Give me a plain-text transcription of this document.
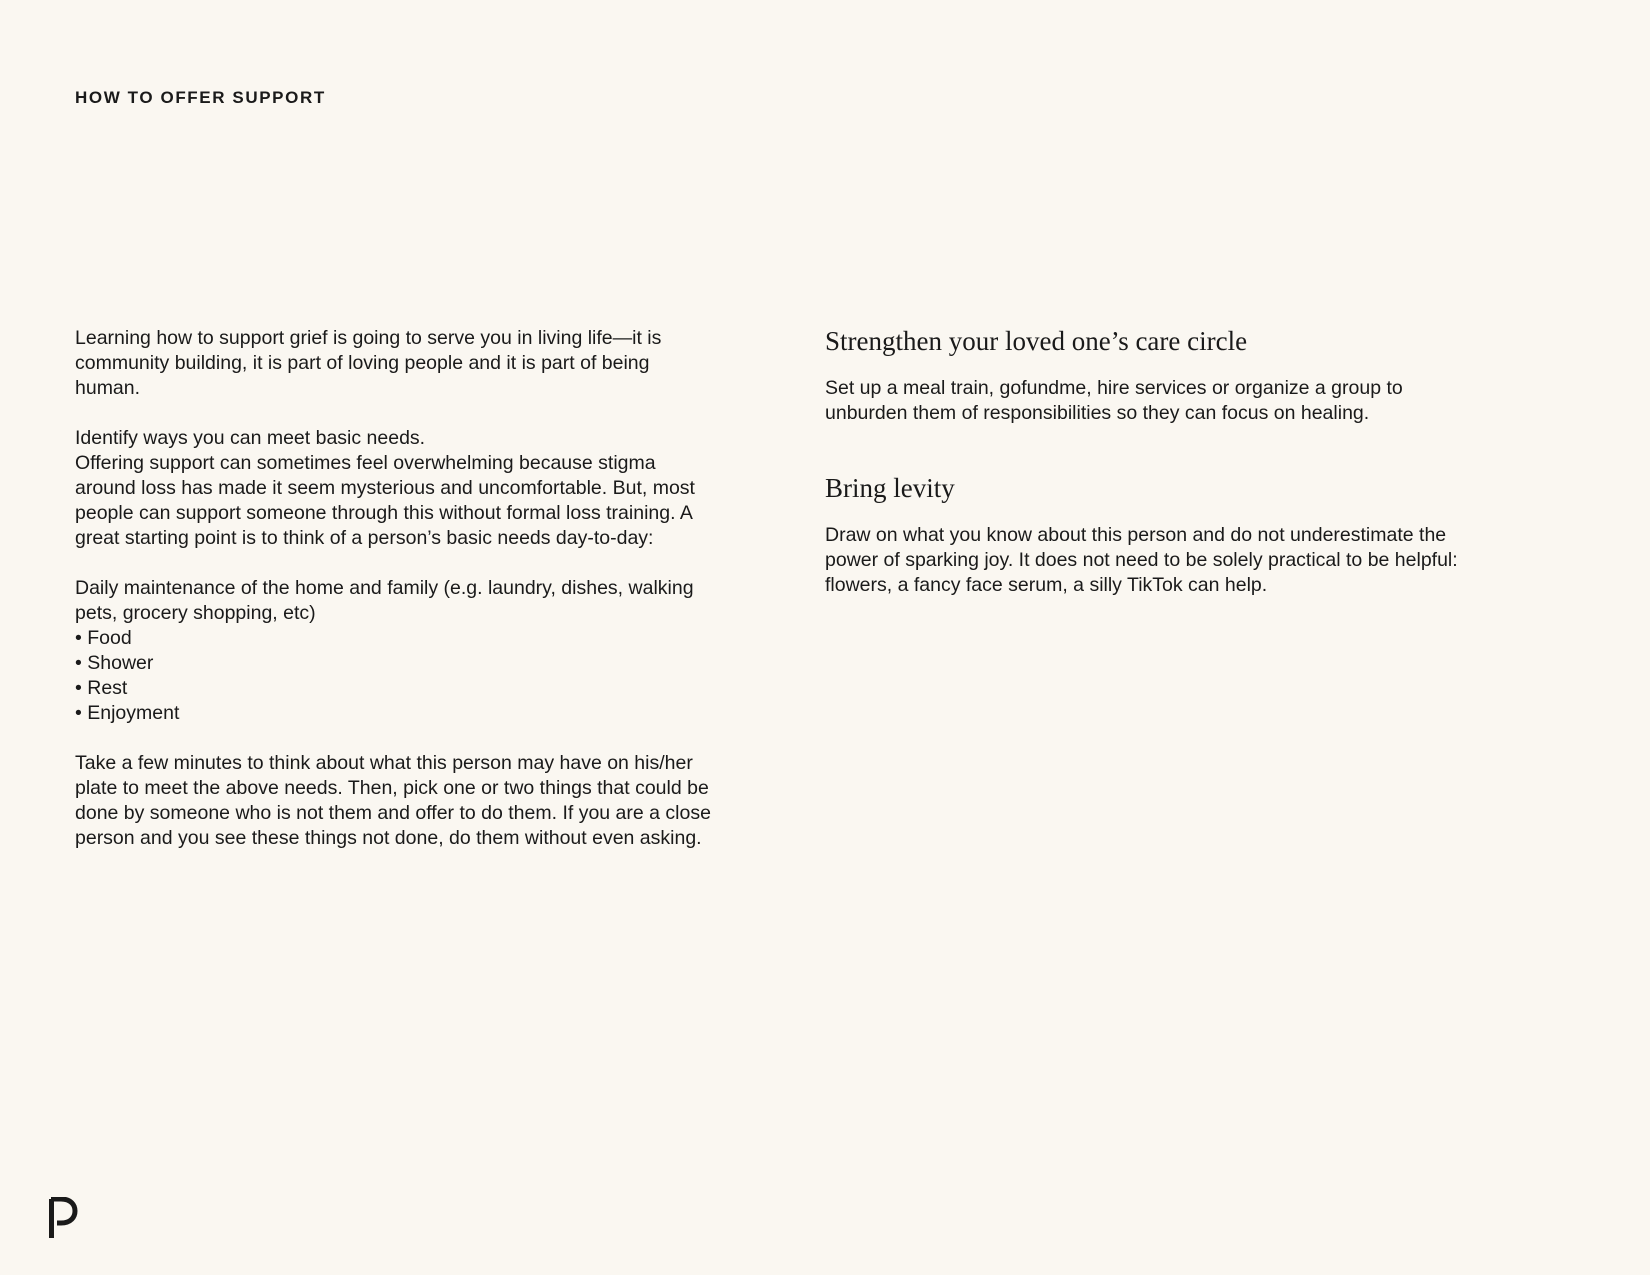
HOW TO OFFER SUPPORT

Learning how to support grief is going to serve you in living life—it is community building, it is part of loving people and it is part of being human.

Identify ways you can meet basic needs.

Offering support can sometimes feel overwhelming because stigma around loss has made it seem mysterious and uncomfortable. But, most people can support someone through this without formal loss training. A great starting point is to think of a person’s basic needs day-to-day:

Daily maintenance of the home and family (e.g. laundry, dishes, walking pets, grocery shopping, etc)

• Food
• Shower
• Rest
• Enjoyment

Take a few minutes to think about what this person may have on his/her plate to meet the above needs. Then, pick one or two things that could be done by someone who is not them and offer to do them. If you are a close person and you see these things not done, do them without even asking.

Strengthen your loved one’s care circle

Set up a meal train, gofundme, hire services or organize a group to unburden them of responsibilities so they can focus on healing.

Bring levity

Draw on what you know about this person and do not underestimate the power of sparking joy. It does not need to be solely practical to be helpful: flowers, a fancy face serum, a silly TikTok can help.
